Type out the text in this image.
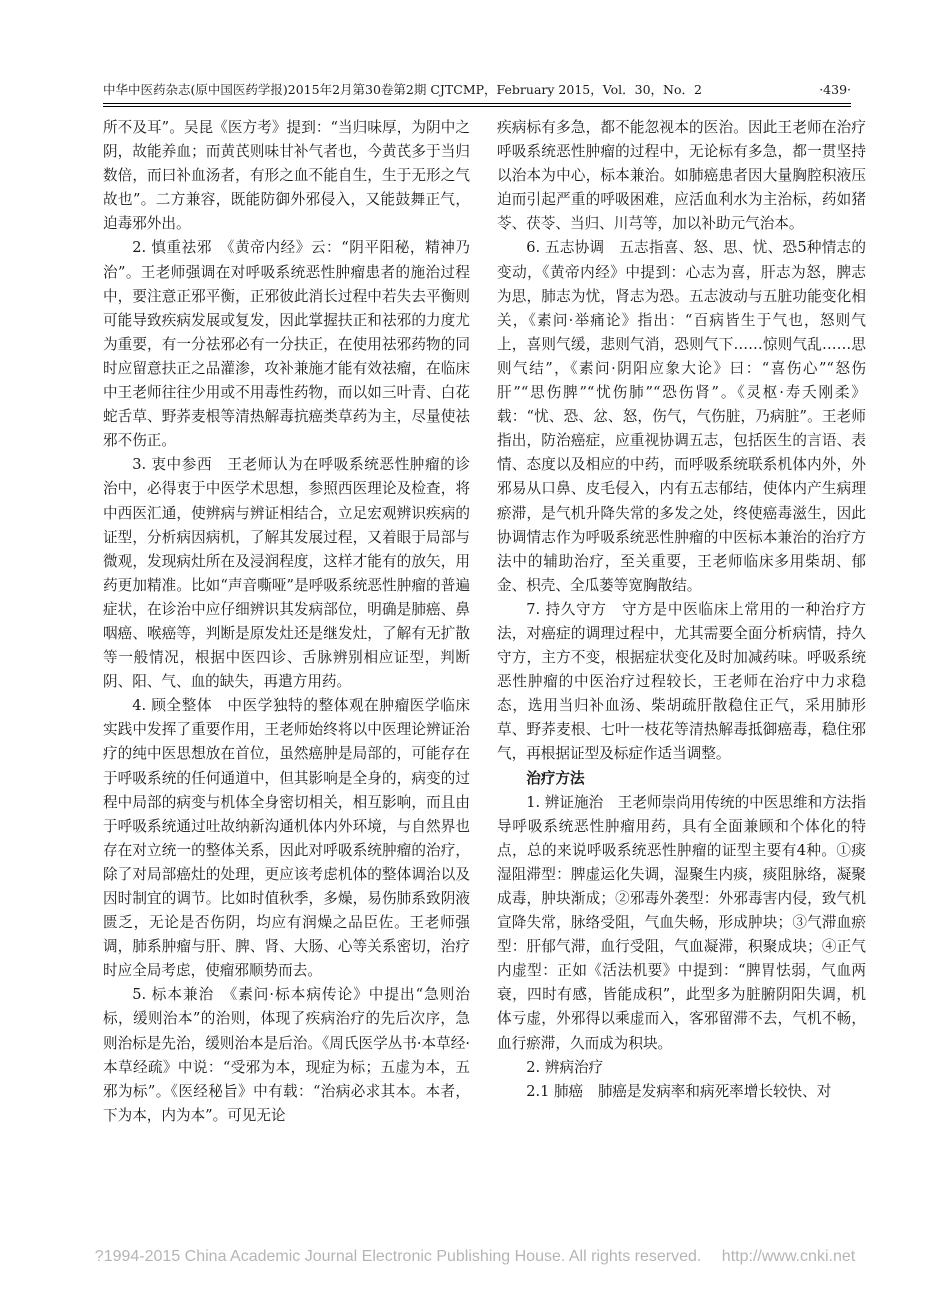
中华中医药杂志(原中国医药学报)2015年2月第30卷第2期 CJTCMP，February 2015，Vol．30，No．2	·439·

所不及耳”。吴昆《医方考》提到：“当归味厚，为阴中之阴，故能养血；而黄芪则味甘补气者也，今黄芪多于当归数倍，而曰补血汤者，有形之血不能自生，生于无形之气故也”。二方兼容，既能防御外邪侵入，又能鼓舞正气，迫毒邪外出。

2. 慎重祛邪　《黄帝内经》云：“阴平阳秘，精神乃治”。王老师强调在对呼吸系统恶性肿瘤患者的施治过程中，要注意正邪平衡，正邪彼此消长过程中若失去平衡则可能导致疾病发展或复发，因此掌握扶正和祛邪的力度尤为重要，有一分祛邪必有一分扶正，在使用祛邪药物的同时应留意扶正之品灌渗，攻补兼施才能有效祛瘤，在临床中王老师往往少用或不用毒性药物，而以如三叶青、白花蛇舌草、野荞麦根等清热解毒抗癌类草药为主，尽量使祛邪不伤正。

3. 衷中参西　王老师认为在呼吸系统恶性肿瘤的诊治中，必得衷于中医学术思想，参照西医理论及检查，将中西医汇通，使辨病与辨证相结合，立足宏观辨识疾病的证型，分析病因病机，了解其发展过程，又着眼于局部与微观，发现病灶所在及浸润程度，这样才能有的放矢，用药更加精准。比如“声音嘶哑”是呼吸系统恶性肿瘤的普遍症状，在诊治中应仔细辨识其发病部位，明确是肺癌、鼻咽癌、喉癌等，判断是原发灶还是继发灶，了解有无扩散等一般情况，根据中医四诊、舌脉辨别相应证型，判断阴、阳、气、血的缺失，再遣方用药。

4. 顾全整体　中医学独特的整体观在肿瘤医学临床实践中发挥了重要作用，王老师始终将以中医理论辨证治疗的纯中医思想放在首位，虽然癌肿是局部的，可能存在于呼吸系统的任何通道中，但其影响是全身的，病变的过程中局部的病变与机体全身密切相关，相互影响，而且由于呼吸系统通过吐故纳新沟通机体内外环境，与自然界也存在对立统一的整体关系，因此对呼吸系统肿瘤的治疗，除了对局部癌灶的处理，更应该考虑机体的整体调治以及因时制宜的调节。比如时值秋季，多燥，易伤肺系致阴液匮乏，无论是否伤阴，均应有润燥之品臣佐。王老师强调，肺系肿瘤与肝、脾、肾、大肠、心等关系密切，治疗时应全局考虑，使瘤邪顺势而去。

5. 标本兼治　《素问·标本病传论》中提出“急则治标，缓则治本”的治则，体现了疾病治疗的先后次序，急则治标是先治，缓则治本是后治。《周氏医学丛书·本草经·本草经疏》中说：“受邪为本，现症为标；五虚为本，五邪为标”。《医经秘旨》中有载：“治病必求其本。本者，下为本，内为本”。可见无论

疾病标有多急，都不能忽视本的医治。因此王老师在治疗呼吸系统恶性肿瘤的过程中，无论标有多急，都一贯坚持以治本为中心，标本兼治。如肺癌患者因大量胸腔积液压迫而引起严重的呼吸困难，应活血利水为主治标，药如猪苓、茯苓、当归、川芎等，加以补助元气治本。

6. 五志协调　五志指喜、怒、思、忧、恐5种情志的变动，《黄帝内经》中提到：心志为喜，肝志为怒，脾志为思，肺志为忧，肾志为恐。五志波动与五脏功能变化相关，《素问·举痛论》指出：“百病皆生于气也，怒则气上，喜则气缓，悲则气消，恐则气下……惊则气乱……思则气结”，《素问·阴阳应象大论》曰：“喜伤心”“怒伤肝”“思伤脾”“忧伤肺”“恐伤肾”。《灵枢·寿夭刚柔》载：“忧、恐、忿、怒，伤气，气伤脏，乃病脏”。王老师指出，防治癌症，应重视协调五志，包括医生的言语、表情、态度以及相应的中药，而呼吸系统联系机体内外，外邪易从口鼻、皮毛侵入，内有五志郁结，使体内产生病理瘀滞，是气机升降失常的多发之处，终使癌毒滋生，因此协调情志作为呼吸系统恶性肿瘤的中医标本兼治的治疗方法中的辅助治疗，至关重要，王老师临床多用柴胡、郁金、枳壳、全瓜蒌等宽胸散结。

7. 持久守方　守方是中医临床上常用的一种治疗方法，对癌症的调理过程中，尤其需要全面分析病情，持久守方，主方不变，根据症状变化及时加减药味。呼吸系统恶性肿瘤的中医治疗过程较长，王老师在治疗中力求稳态，选用当归补血汤、柴胡疏肝散稳住正气，采用肺形草、野荞麦根、七叶一枝花等清热解毒抵御癌毒，稳住邪气，再根据证型及标症作适当调整。

治疗方法

1. 辨证施治　王老师崇尚用传统的中医思维和方法指导呼吸系统恶性肿瘤用药，具有全面兼顾和个体化的特点，总的来说呼吸系统恶性肿瘤的证型主要有4种。①痰湿阻滞型：脾虚运化失调，湿聚生内痰，痰阻脉络，凝聚成毒，肿块渐成；②邪毒外袭型：外邪毒害内侵，致气机宣降失常，脉络受阻，气血失畅，形成肿块；③气滞血瘀型：肝郁气滞，血行受阻，气血凝滞，积聚成块；④正气内虚型：正如《活法机要》中提到：“脾胃怯弱，气血两衰，四时有感，皆能成积”，此型多为脏腑阴阳失调，机体亏虚，外邪得以乘虚而入，客邪留滞不去，气机不畅，血行瘀滞，久而成为积块。

2. 辨病治疗

2.1 肺癌　肺癌是发病率和病死率增长较快、对

?1994-2015 China Academic Journal Electronic Publishing House. All rights reserved.　 http://www.cnki.net
